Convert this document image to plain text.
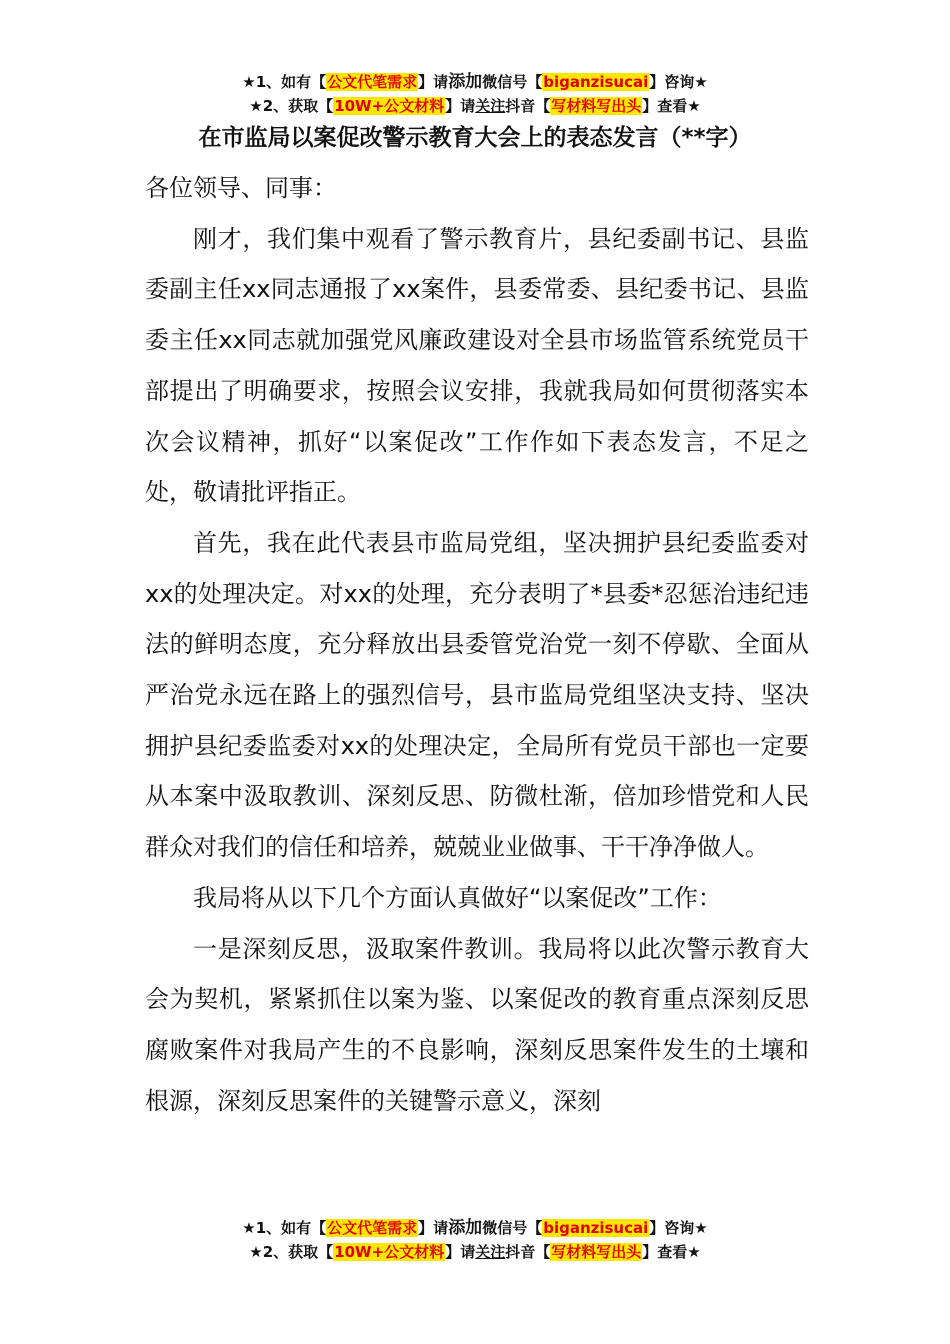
★1、如有【公文代笔需求】请添加微信号【biganzisucai】咨询★
★2、获取【10W+公文材料】请关注抖音【写材料写出头】查看★
在市监局以案促改警示教育大会上的表态发言（**字）

各位领导、同事：

刚才，我们集中观看了警示教育片，县纪委副书记、县监委副主任xx同志通报了xx案件，县委常委、县纪委书记、县监委主任xx同志就加强党风廉政建设对全县市场监管系统党员干部提出了明确要求，按照会议安排，我就我局如何贯彻落实本次会议精神，抓好“以案促改”工作作如下表态发言，不足之处，敬请批评指正。

首先，我在此代表县市监局党组，坚决拥护县纪委监委对xx的处理决定。对xx的处理，充分表明了*县委*忍惩治违纪违法的鲜明态度，充分释放出县委管党治党一刻不停歇、全面从严治党永远在路上的强烈信号，县市监局党组坚决支持、坚决拥护县纪委监委对xx的处理决定，全局所有党员干部也一定要从本案中汲取教训、深刻反思、防微杜渐，倍加珍惜党和人民群众对我们的信任和培养，兢兢业业做事、干干净净做人。

我局将从以下几个方面认真做好“以案促改”工作：

一是深刻反思，汲取案件教训。我局将以此次警示教育大会为契机，紧紧抓住以案为鉴、以案促改的教育重点深刻反思腐败案件对我局产生的不良影响，深刻反思案件发生的土壤和根源，深刻反思案件的关键警示意义，深刻

★1、如有【公文代笔需求】请添加微信号【biganzisucai】咨询★
★2、获取【10W+公文材料】请关注抖音【写材料写出头】查看★
